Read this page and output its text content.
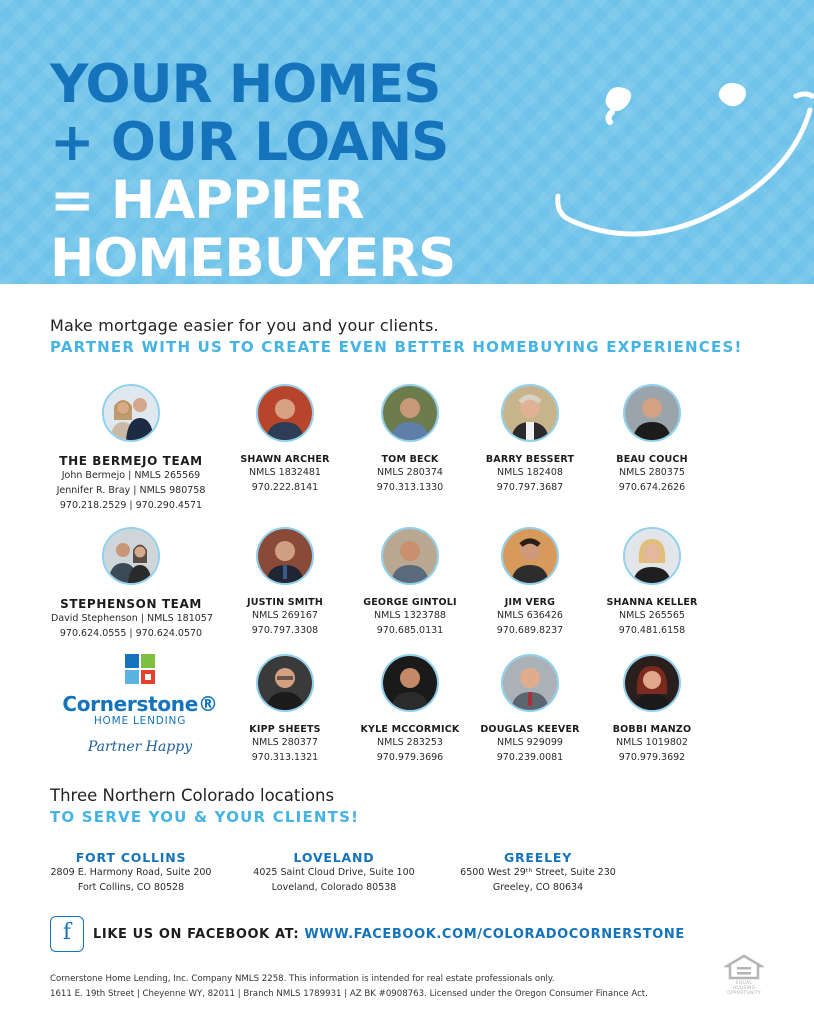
YOUR HOMES
+ OUR LOANS
= HAPPIER
HOMEBUYERS
Make mortgage easier for you and your clients.
PARTNER WITH US TO CREATE EVEN BETTER HOMEBUYING EXPERIENCES!
THE BERMEJO TEAM
John Bermejo | NMLS 265569
Jennifer R. Bray | NMLS 980758
970.218.2529 | 970.290.4571
SHAWN ARCHER
NMLS 1832481
970.222.8141
TOM BECK
NMLS 280374
970.313.1330
BARRY BESSERT
NMLS 182408
970.797.3687
BEAU COUCH
NMLS 280375
970.674.2626
STEPHENSON TEAM
David Stephenson | NMLS 181057
970.624.0555 | 970.624.0570
JUSTIN SMITH
NMLS 269167
970.797.3308
GEORGE GINTOLI
NMLS 1323788
970.685.0131
JIM VERG
NMLS 636426
970.689.8237
SHANNA KELLER
NMLS 265565
970.481.6158
Cornerstone®
HOME LENDING
Partner Happy
KIPP SHEETS
NMLS 280377
970.313.1321
KYLE MCCORMICK
NMLS 283253
970.979.3696
DOUGLAS KEEVER
NMLS 929099
970.239.0081
BOBBI MANZO
NMLS 1019802
970.979.3692
Three Northern Colorado locations
TO SERVE YOU & YOUR CLIENTS!
FORT COLLINS
2809 E. Harmony Road, Suite 200
Fort Collins, CO 80528
LOVELAND
4025 Saint Cloud Drive, Suite 100
Loveland, Colorado 80538
GREELEY
6500 West 29ᵗʰ Street, Suite 230
Greeley, CO 80634
f	LIKE US ON FACEBOOK AT: WWW.FACEBOOK.COM/COLORADOCORNERSTONE
Cornerstone Home Lending, Inc. Company NMLS 2258. This information is intended for real estate professionals only.
1611 E. 19th Street | Cheyenne WY, 82011 | Branch NMLS 1789931 | AZ BK #0908763. Licensed under the Oregon Consumer Finance Act.
EQUAL HOUSING OPPORTUNITY
